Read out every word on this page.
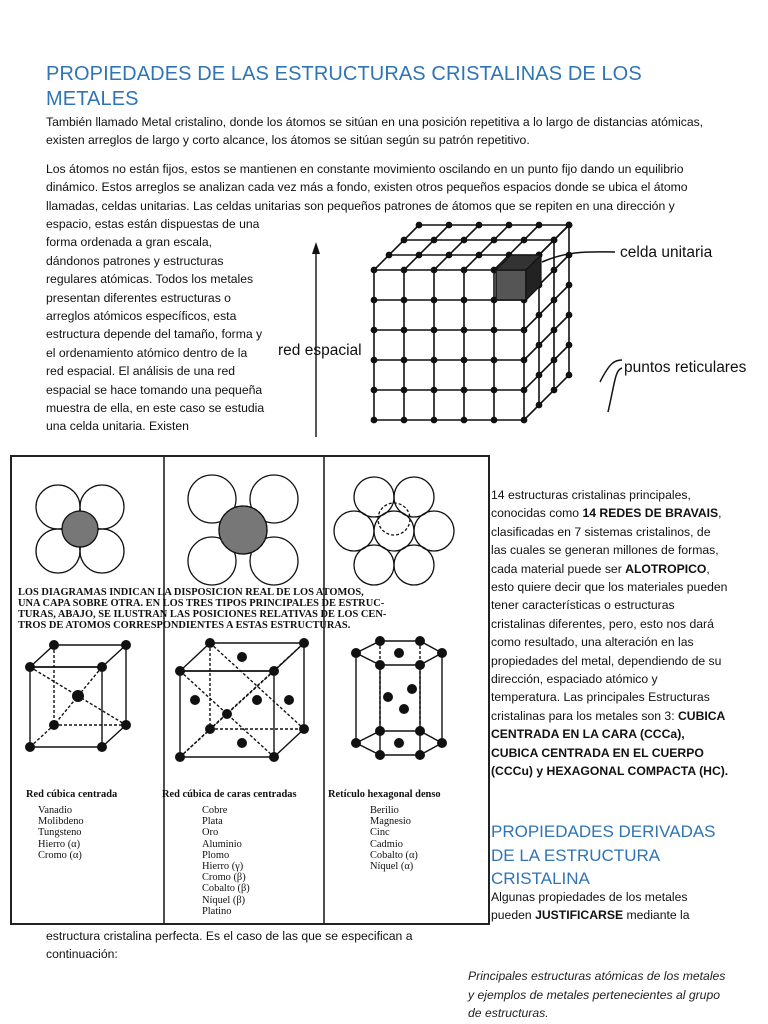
PROPIEDADES DE LAS ESTRUCTURAS CRISTALINAS DE LOS METALES
También llamado Metal cristalino, donde los átomos se sitúan en una posición repetitiva a lo largo de distancias atómicas, existen arreglos de largo y corto alcance, los átomos se sitúan según su patrón repetitivo.
Los átomos no están fijos, estos se mantienen en constante movimiento oscilando en un punto fijo dando un equilibrio dinámico. Estos arreglos se analizan cada vez más a fondo, existen otros pequeños espacios donde se ubica el átomo llamadas, celdas unitarias. Las celdas unitarias son pequeños patrones de átomos que se repiten en una dirección y
espacio, estas están dispuestas de una forma ordenada a gran escala, dándonos patrones y estructuras regulares atómicas. Todos los metales presentan diferentes estructuras o arreglos atómicos específicos, esta estructura depende del tamaño, forma y el ordenamiento atómico dentro de la red espacial. El análisis de una red espacial se hace tomando una pequeña muestra de ella, en este caso se estudia una celda unitaria. Existen
celda unitaria
red espacial
puntos reticulares
LOS DIAGRAMAS INDICAN LA DISPOSICION REAL DE LOS ATOMOS,
UNA CAPA SOBRE OTRA. EN LOS TRES TIPOS PRINCIPALES DE ESTRUC-
TURAS, ABAJO, SE ILUSTRAN LAS POSICIONES RELATIVAS DE LOS CEN-
TROS DE ATOMOS CORRESPONDIENTES A ESTAS ESTRUCTURAS.
Red cúbica centrada	Red cúbica de caras centradas	Retículo hexagonal denso
Vanadio
Molibdeno
Tungsteno
Hierro (α)
Cromo (α)
Cobre
Plata
Oro
Aluminio
Plomo
Hierro (γ)
Cromo (β)
Cobalto (β)
Níquel (β)
Platino
Berilio
Magnesio
Cinc
Cadmio
Cobalto (α)
Níquel (α)
14 estructuras cristalinas principales, conocidas como 14 REDES DE BRAVAIS, clasificadas en 7 sistemas cristalinos, de las cuales se generan millones de formas, cada material puede ser ALOTROPICO, esto quiere decir que los materiales pueden tener características o estructuras cristalinas diferentes, pero, esto nos dará como resultado, una alteración en las propiedades del metal, dependiendo de su dirección, espaciado atómico y temperatura. Las principales Estructuras cristalinas para los metales son 3: CUBICA CENTRADA EN LA CARA (CCCa), CUBICA CENTRADA EN EL CUERPO (CCCu) y HEXAGONAL COMPACTA (HC).
PROPIEDADES DERIVADAS DE LA ESTRUCTURA CRISTALINA
Algunas propiedades de los metales pueden JUSTIFICARSE mediante la
estructura cristalina perfecta. Es el caso de las que se especifican a continuación:
Principales estructuras atómicas de los metales y ejemplos de metales pertenecientes al grupo de estructuras.
